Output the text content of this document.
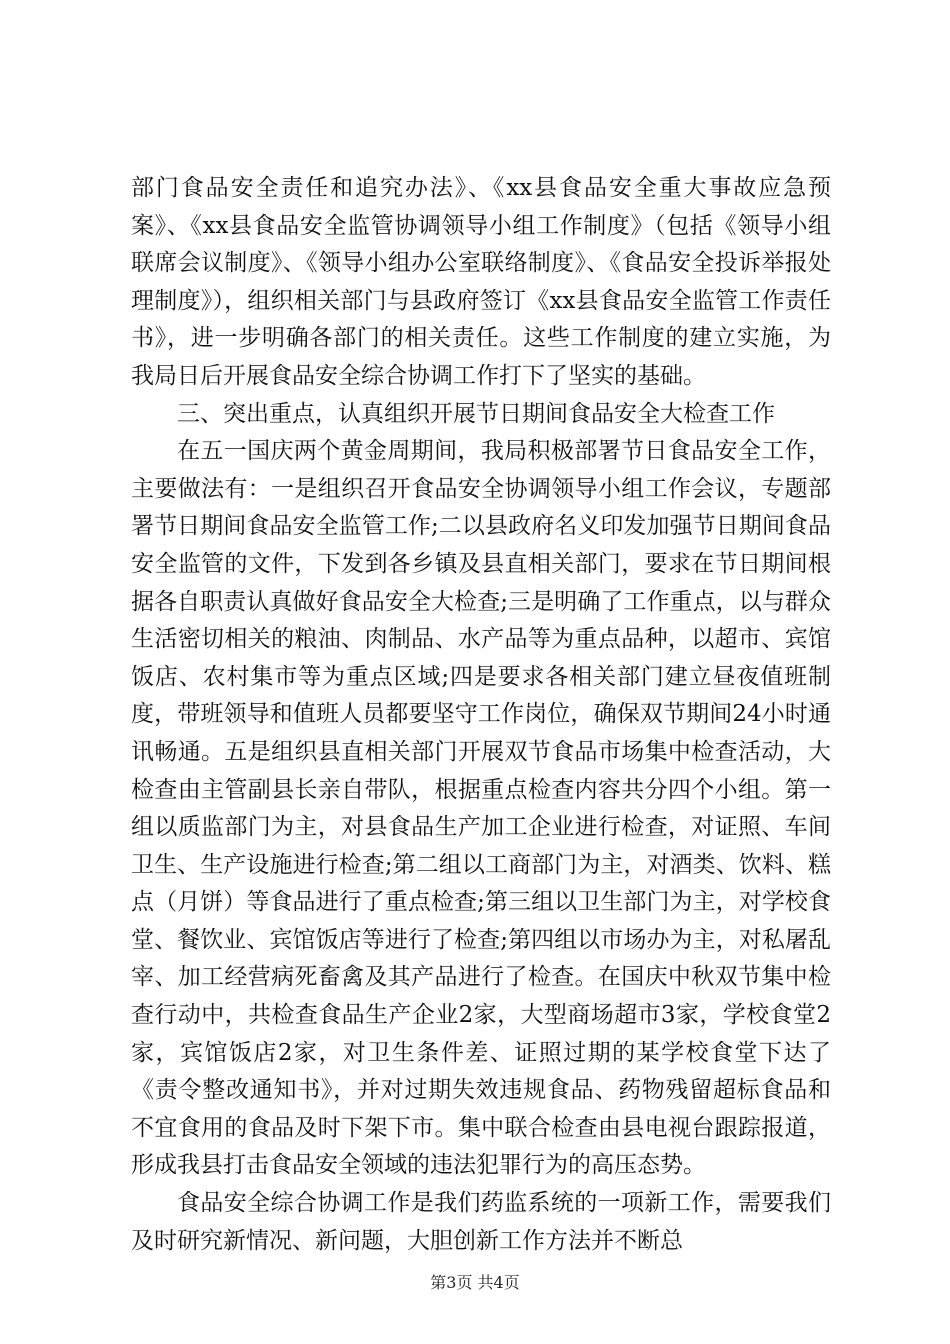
部门食品安全责任和追究办法》、《xx县食品安全重大事故应急预案》、《xx县食品安全监管协调领导小组工作制度》（包括《领导小组联席会议制度》、《领导小组办公室联络制度》、《食品安全投诉举报处理制度》），组织相关部门与县政府签订《xx县食品安全监管工作责任书》，进一步明确各部门的相关责任。这些工作制度的建立实施，为我局日后开展食品安全综合协调工作打下了坚实的基础。

三、突出重点，认真组织开展节日期间食品安全大检查工作

在五一国庆两个黄金周期间，我局积极部署节日食品安全工作，主要做法有：一是组织召开食品安全协调领导小组工作会议，专题部署节日期间食品安全监管工作;二以县政府名义印发加强节日期间食品安全监管的文件，下发到各乡镇及县直相关部门，要求在节日期间根据各自职责认真做好食品安全大检查;三是明确了工作重点，以与群众生活密切相关的粮油、肉制品、水产品等为重点品种，以超市、宾馆饭店、农村集市等为重点区域;四是要求各相关部门建立昼夜值班制度，带班领导和值班人员都要坚守工作岗位，确保双节期间24小时通讯畅通。五是组织县直相关部门开展双节食品市场集中检查活动，大检查由主管副县长亲自带队，根据重点检查内容共分四个小组。第一组以质监部门为主，对县食品生产加工企业进行检查，对证照、车间卫生、生产设施进行检查;第二组以工商部门为主，对酒类、饮料、糕点（月饼）等食品进行了重点检查;第三组以卫生部门为主，对学校食堂、餐饮业、宾馆饭店等进行了检查;第四组以市场办为主，对私屠乱宰、加工经营病死畜禽及其产品进行了检查。在国庆中秋双节集中检查行动中，共检查食品生产企业2家，大型商场超市3家，学校食堂2家，宾馆饭店2家，对卫生条件差、证照过期的某学校食堂下达了《责令整改通知书》，并对过期失效违规食品、药物残留超标食品和不宜食用的食品及时下架下市。集中联合检查由县电视台跟踪报道，形成我县打击食品安全领域的违法犯罪行为的高压态势。

食品安全综合协调工作是我们药监系统的一项新工作，需要我们及时研究新情况、新问题，大胆创新工作方法并不断总

第3页 共4页
